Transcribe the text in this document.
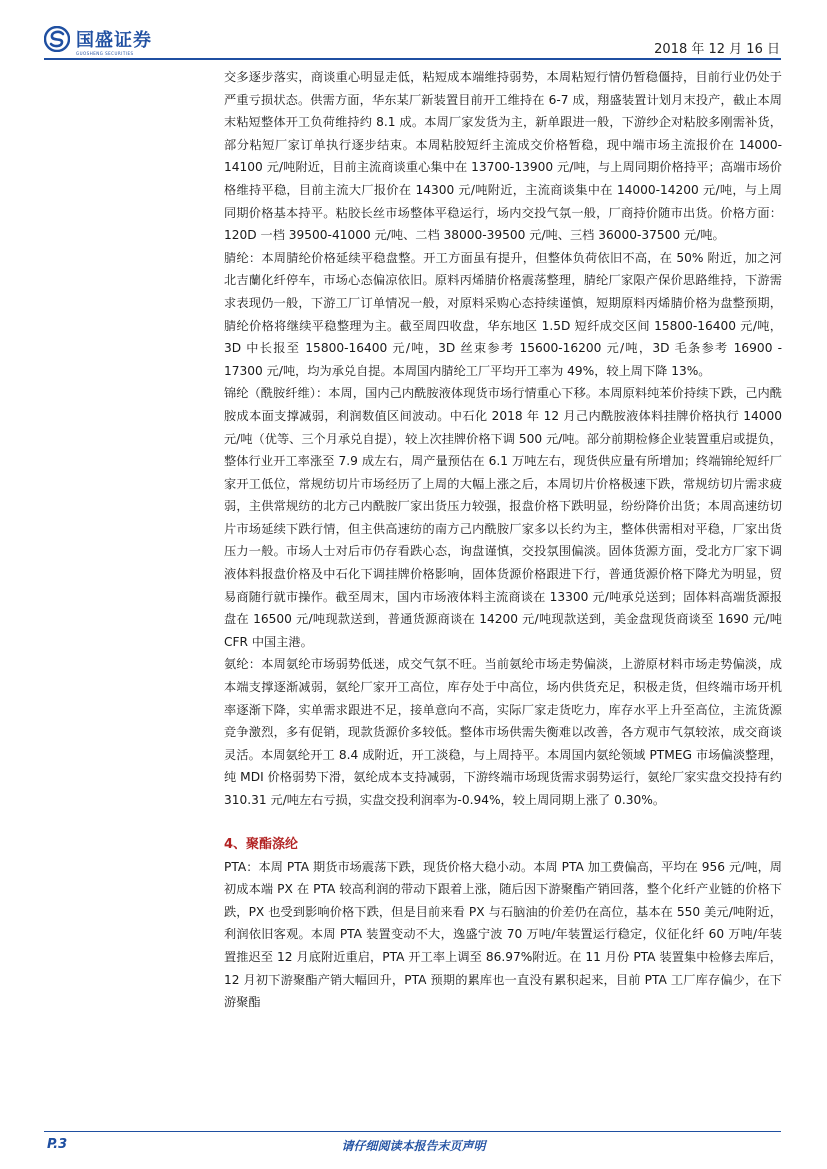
国盛证券
GUOSHENG SECURITIES	2018 年 12 月 16 日

交多逐步落实，商谈重心明显走低，粘短成本端维持弱势，本周粘短行情仍暂稳僵持，目前行业仍处于严重亏损状态。供需方面，华东某厂新装置目前开工维持在 6-7 成，翔盛装置计划月末投产，截止本周末粘短整体开工负荷维持约 8.1 成。本周厂家发货为主，新单跟进一般，下游纱企对粘胶多刚需补货，部分粘短厂家订单执行逐步结束。本周粘胶短纤主流成交价格暂稳，现中端市场主流报价在 14000-14100 元/吨附近，目前主流商谈重心集中在 13700-13900 元/吨，与上周同期价格持平；高端市场价格维持平稳，目前主流大厂报价在 14300 元/吨附近，主流商谈集中在 14000-14200 元/吨，与上周同期价格基本持平。粘胶长丝市场整体平稳运行，场内交投气氛一般，厂商持价随市出货。价格方面：120D 一档 39500-41000 元/吨、二档 38000-39500 元/吨、三档 36000-37500 元/吨。

腈纶：本周腈纶价格延续平稳盘整。开工方面虽有提升，但整体负荷依旧不高，在 50% 附近，加之河北吉蘭化纤停车，市场心态偏凉依旧。原料丙烯腈价格震荡整理，腈纶厂家限产保价思路维持，下游需求表现仍一般，下游工厂订单情况一般，对原料采购心态持续谨慎，短期原料丙烯腈价格为盘整预期，腈纶价格将继续平稳整理为主。截至周四收盘，华东地区 1.5D 短纤成交区间 15800-16400 元/吨，3D 中长报至 15800-16400 元/吨，3D 丝束参考 15600-16200 元/吨，3D 毛条参考 16900 - 17300 元/吨，均为承兑自提。本周国内腈纶工厂平均开工率为 49%，较上周下降 13%。

锦纶（酰胺纤维）：本周，国内己内酰胺液体现货市场行情重心下移。本周原料纯苯价持续下跌，己内酰胺成本面支撑减弱，利润数值区间波动。中石化 2018 年 12 月己内酰胺液体料挂牌价格执行 14000 元/吨（优等、三个月承兑自提），较上次挂牌价格下调 500 元/吨。部分前期检修企业装置重启或提负，整体行业开工率涨至 7.9 成左右，周产量预估在 6.1 万吨左右，现货供应量有所增加；终端锦纶短纤厂家开工低位，常规纺切片市场经历了上周的大幅上涨之后，本周切片价格极速下跌，常规纺切片需求疲弱，主供常规纺的北方己内酰胺厂家出货压力较强，报盘价格下跌明显，纷纷降价出货；本周高速纺切片市场延续下跌行情，但主供高速纺的南方己内酰胺厂家多以长约为主，整体供需相对平稳，厂家出货压力一般。市场人士对后市仍存看跌心态，询盘谨慎，交投氛围偏淡。固体货源方面，受北方厂家下调液体料报盘价格及中石化下调挂牌价格影响，固体货源价格跟进下行，普通货源价格下降尤为明显，贸易商随行就市操作。截至周末，国内市场液体料主流商谈在 13300 元/吨承兑送到；固体料高端货源报盘在 16500 元/吨现款送到，普通货源商谈在 14200 元/吨现款送到，美金盘现货商谈至 1690 元/吨 CFR 中国主港。

氨纶：本周氨纶市场弱势低迷，成交气氛不旺。当前氨纶市场走势偏淡，上游原材料市场走势偏淡，成本端支撑逐渐减弱，氨纶厂家开工高位，库存处于中高位，场内供货充足，积极走货，但终端市场开机率逐渐下降，实单需求跟进不足，接单意向不高，实际厂家走货吃力，库存水平上升至高位，主流货源竞争激烈，多有促销，现款货源价多较低。整体市场供需失衡难以改善，各方观市气氛较浓，成交商谈灵活。本周氨纶开工 8.4 成附近，开工淡稳，与上周持平。本周国内氨纶领域 PTMEG 市场偏淡整理，纯 MDI 价格弱势下滑，氨纶成本支持减弱，下游终端市场现货需求弱势运行，氨纶厂家实盘交投持有约 310.31 元/吨左右亏损，实盘交投利润率为-0.94%，较上周同期上涨了 0.30%。

4、聚酯涤纶

PTA：本周 PTA 期货市场震荡下跌，现货价格大稳小动。本周 PTA 加工费偏高，平均在 956 元/吨，周初成本端 PX 在 PTA 较高利润的带动下跟着上涨，随后因下游聚酯产销回落，整个化纤产业链的价格下跌，PX 也受到影响价格下跌，但是目前来看 PX 与石脑油的价差仍在高位，基本在 550 美元/吨附近，利润依旧客观。本周 PTA 装置变动不大，逸盛宁波 70 万吨/年装置运行稳定，仪征化纤 60 万吨/年装置推迟至 12 月底附近重启，PTA 开工率上调至 86.97%附近。在 11 月份 PTA 装置集中检修去库后，12 月初下游聚酯产销大幅回升，PTA 预期的累库也一直没有累积起来，目前 PTA 工厂库存偏少，在下游聚酯

请仔细阅读本报告末页声明
P.3
